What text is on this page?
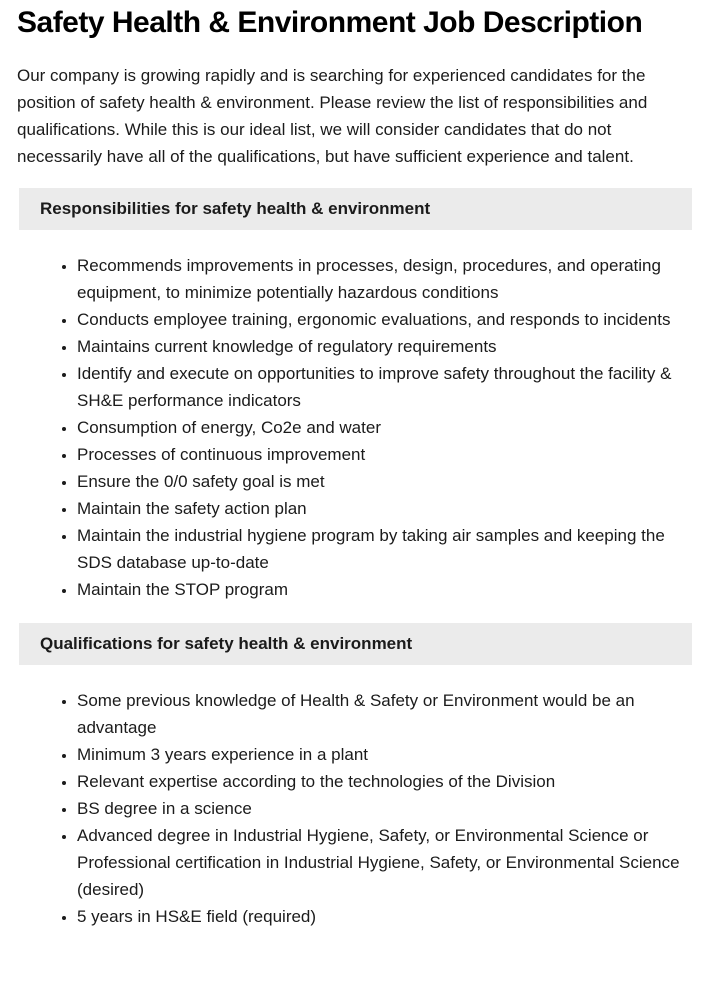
Safety Health & Environment Job Description

Our company is growing rapidly and is searching for experienced candidates for the position of safety health & environment. Please review the list of responsibilities and qualifications. While this is our ideal list, we will consider candidates that do not necessarily have all of the qualifications, but have sufficient experience and talent.

Responsibilities for safety health & environment
• Recommends improvements in processes, design, procedures, and operating equipment, to minimize potentially hazardous conditions
• Conducts employee training, ergonomic evaluations, and responds to incidents
• Maintains current knowledge of regulatory requirements
• Identify and execute on opportunities to improve safety throughout the facility & SH&E performance indicators
• Consumption of energy, Co2e and water
• Processes of continuous improvement
• Ensure the 0/0 safety goal is met
• Maintain the safety action plan
• Maintain the industrial hygiene program by taking air samples and keeping the SDS database up-to-date
• Maintain the STOP program
Qualifications for safety health & environment
• Some previous knowledge of Health & Safety or Environment would be an advantage
• Minimum 3 years experience in a plant
• Relevant expertise according to the technologies of the Division
• BS degree in a science
• Advanced degree in Industrial Hygiene, Safety, or Environmental Science or Professional certification in Industrial Hygiene, Safety, or Environmental Science (desired)
• 5 years in HS&E field (required)
